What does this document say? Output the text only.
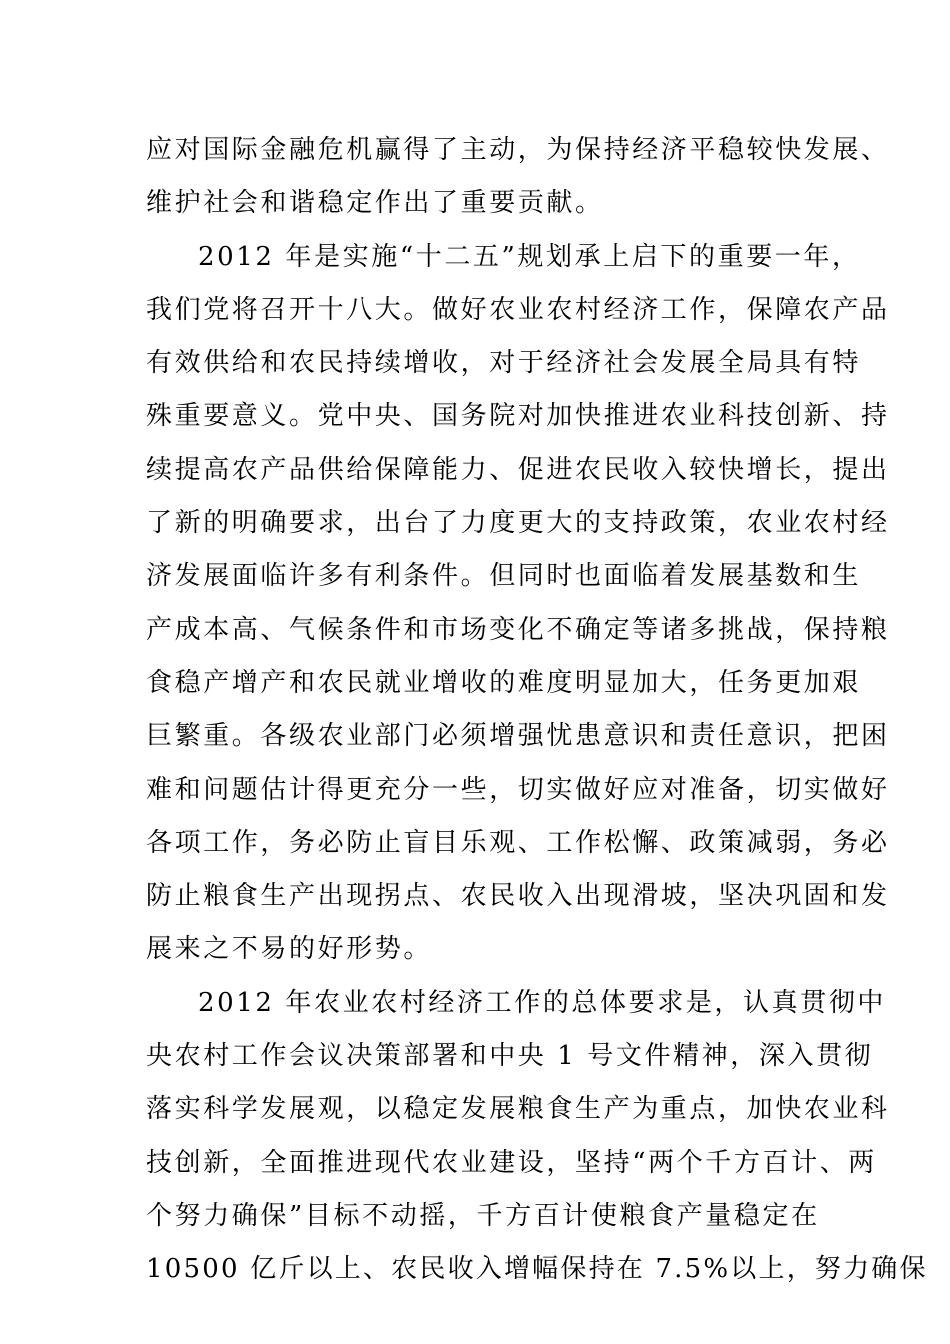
应对国际金融危机赢得了主动，为保持经济平稳较快发展、
维护社会和谐稳定作出了重要贡献。
2012 年是实施“十二五”规划承上启下的重要一年，
我们党将召开十八大。做好农业农村经济工作，保障农产品
有效供给和农民持续增收，对于经济社会发展全局具有特
殊重要意义。党中央、国务院对加快推进农业科技创新、持
续提高农产品供给保障能力、促进农民收入较快增长，提出
了新的明确要求，出台了力度更大的支持政策，农业农村经
济发展面临许多有利条件。但同时也面临着发展基数和生
产成本高、气候条件和市场变化不确定等诸多挑战，保持粮
食稳产增产和农民就业增收的难度明显加大，任务更加艰
巨繁重。各级农业部门必须增强忧患意识和责任意识，把困
难和问题估计得更充分一些，切实做好应对准备，切实做好
各项工作，务必防止盲目乐观、工作松懈、政策减弱，务必
防止粮食生产出现拐点、农民收入出现滑坡，坚决巩固和发
展来之不易的好形势。
2012 年农业农村经济工作的总体要求是，认真贯彻中
央农村工作会议决策部署和中央 1 号文件精神，深入贯彻
落实科学发展观，以稳定发展粮食生产为重点，加快农业科
技创新，全面推进现代农业建设，坚持“两个千方百计、两
个努力确保”目标不动摇，千方百计使粮食产量稳定在
10500 亿斤以上、农民收入增幅保持在 7.5%以上，努力确保
